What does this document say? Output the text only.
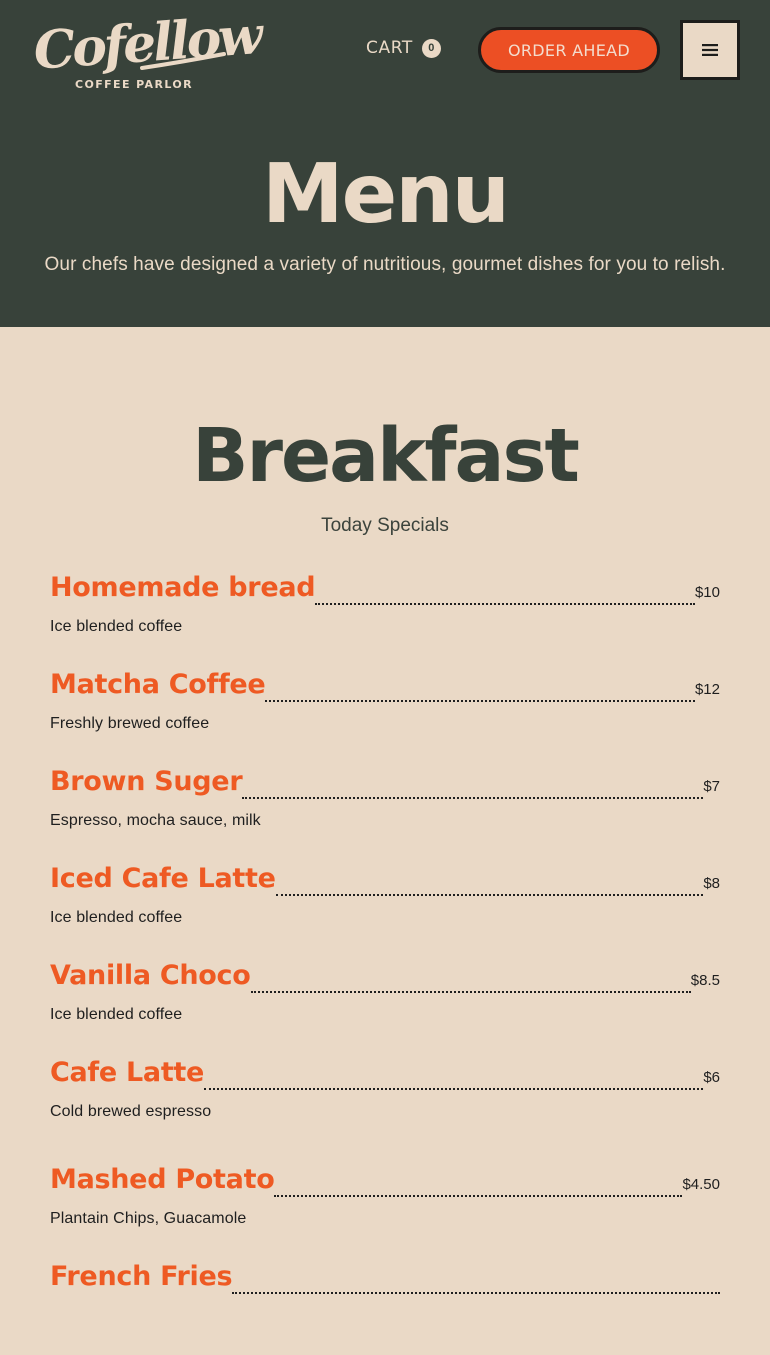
Cofellow
COFFEE PARLOR
CART	0	ORDER AHEAD
Menu
Our chefs have designed a variety of nutritious, gourmet dishes for you to relish.
Breakfast
Today Specials
Homemade bread	$10
Ice blended coffee
Matcha Coffee	$12
Freshly brewed coffee
Brown Suger	$7
Espresso, mocha sauce, milk
Iced Cafe Latte	$8
Ice blended coffee
Vanilla Choco	$8.5
Ice blended coffee
Cafe Latte	$6
Cold brewed espresso
Mashed Potato	$4.50
Plantain Chips, Guacamole
French Fries
